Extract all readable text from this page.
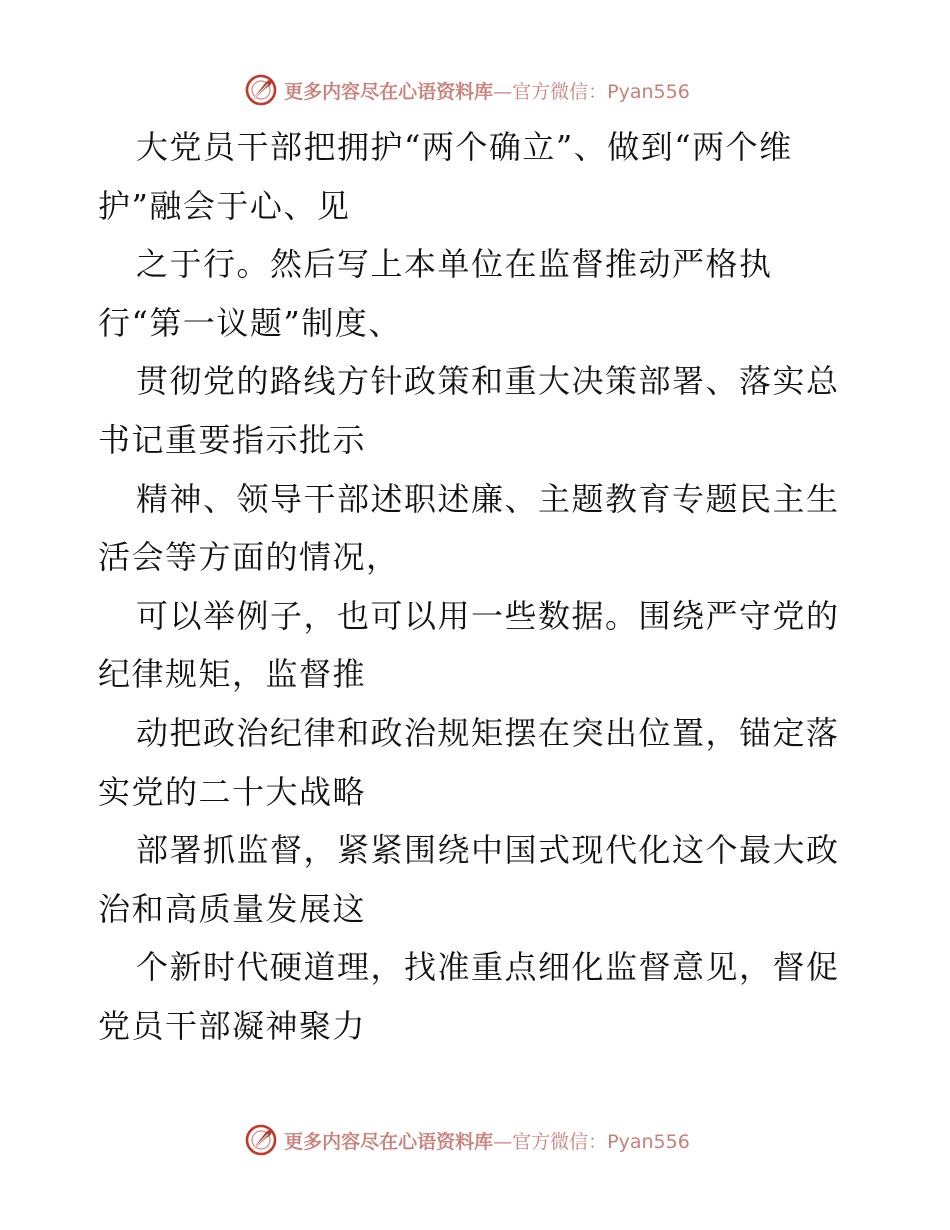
更多内容尽在心语资料库—官方微信：Pyan556
大党员干部把拥护“两个确立”、做到“两个维
护”融会于心、见
之于行。然后写上本单位在监督推动严格执
行“第一议题”制度、
贯彻党的路线方针政策和重大决策部署、落实总
书记重要指示批示
精神、领导干部述职述廉、主题教育专题民主生
活会等方面的情况，
可以举例子，也可以用一些数据。围绕严守党的
纪律规矩，监督推
动把政治纪律和政治规矩摆在突出位置，锚定落
实党的二十大战略
部署抓监督，紧紧围绕中国式现代化这个最大政
治和高质量发展这
个新时代硬道理，找准重点细化监督意见，督促
党员干部凝神聚力
更多内容尽在心语资料库—官方微信：Pyan556
